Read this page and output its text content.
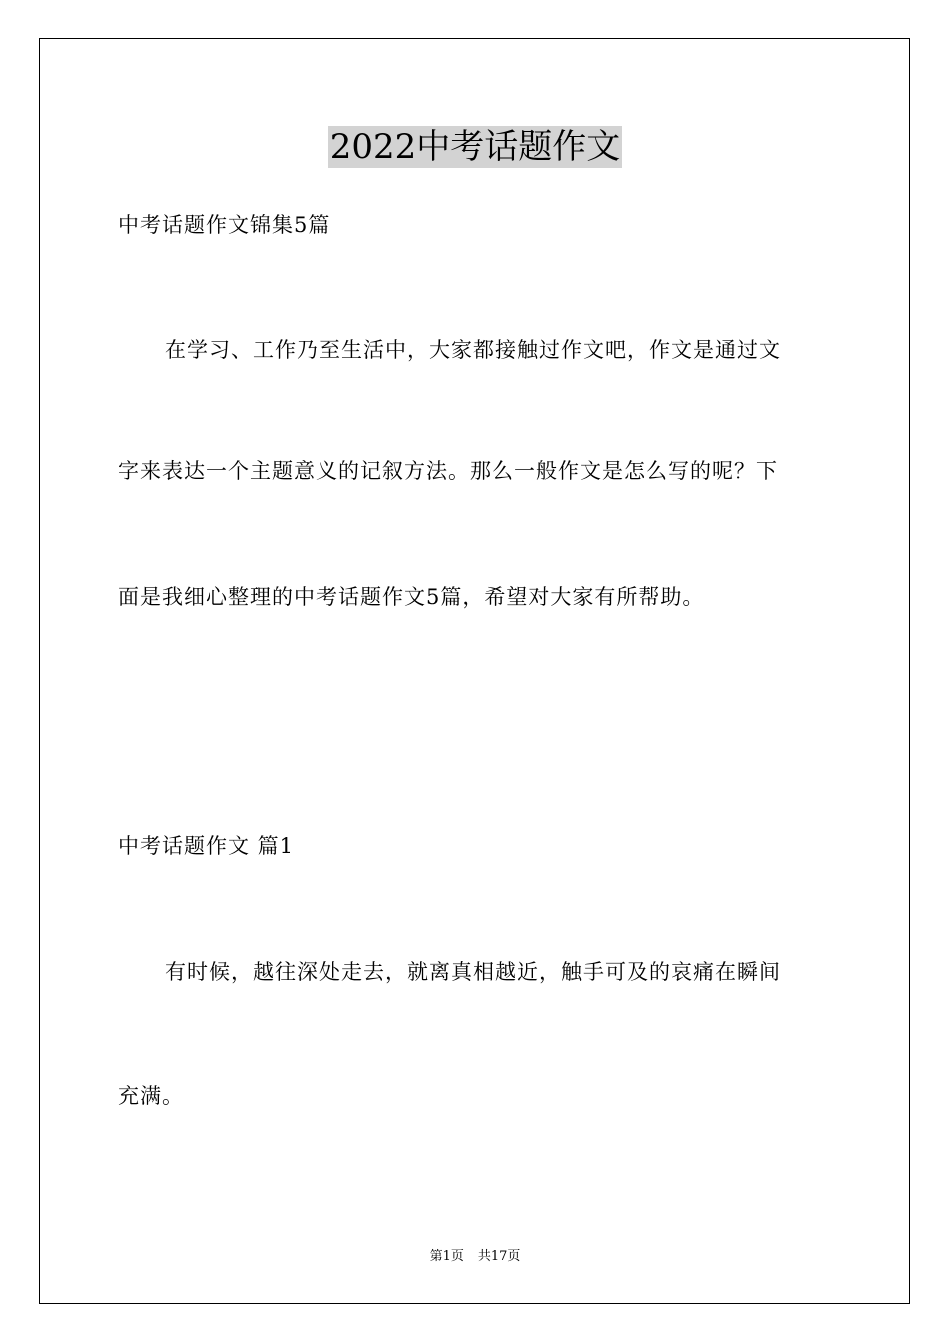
2022中考话题作文
中考话题作文锦集5篇
在学习、工作乃至生活中，大家都接触过作文吧，作文是通过文
字来表达一个主题意义的记叙方法。那么一般作文是怎么写的呢？下
面是我细心整理的中考话题作文5篇，希望对大家有所帮助。
中考话题作文 篇1
有时候，越往深处走去，就离真相越近，触手可及的哀痛在瞬间
充满。
第1页 共17页
